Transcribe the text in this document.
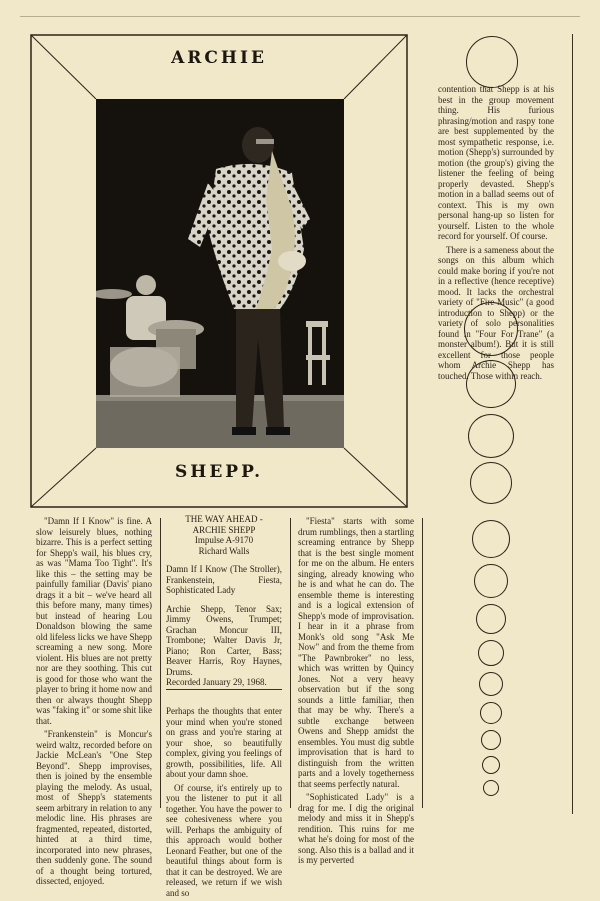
ARCHIE
SHEPP.

contention that Shepp is at his best in the group movement thing. His furious phrasing/motion and raspy tone are best supplemented by the most sympathetic response, i.e. motion (Shepp's) surrounded by motion (the group's) giving the listener the feeling of being properly devasted. Shepp's motion in a ballad seems out of context. This is my own personal hang-up so listen for yourself. Listen to the whole record for yourself. Of course.

There is a sameness about the songs on this album which could make boring if you're not in a reflective (hence receptive) mood. It lacks the orchestral variety of "Fire Music" (a good introduction to Shepp) or the variety of solo personalities found in "Four For Trane" (a monster album!). But it is still excellent for those people whom Archie Shepp has touched. Those within reach.

"Damn If I Know" is fine. A slow leisurely blues, nothing bizarre. This is a perfect setting for Shepp's wail, his blues cry, as was "Mama Too Tight". It's like this – the setting may be painfully familiar (Davis' piano drags it a bit – we've heard all this before many, many times) but instead of hearing Lou Donaldson blowing the same old lifeless licks we have Shepp screaming a new song. More violent. His blues are not pretty nor are they soothing. This cut is good for those who want the player to bring it home now and then or always thought Shepp was "faking it" or some shit like that.

"Frankenstein" is Moncur's weird waltz, recorded before on Jackie McLean's "One Step Beyond". Shepp improvises, then is joined by the ensemble playing the melody. As usual, most of Shepp's statements seem arbitrary in relation to any melodic line. His phrases are fragmented, repeated, distorted, hinted at a third time, incorporated into new phrases, then suddenly gone. The sound of a thought being tortured, dissected, enjoyed.

THE WAY AHEAD -
ARCHIE SHEPP
Impulse A-9170
Richard Walls
Damn If I Know (The Stroller), Frankenstein, Fiesta, Sophisticated Lady
Archie Shepp, Tenor Sax; Jimmy Owens, Trumpet; Grachan Moncur III, Trombone; Walter Davis Jr, Piano; Ron Carter, Bass; Beaver Harris, Roy Haynes, Drums.
Recorded January 29, 1968.

Perhaps the thoughts that enter your mind when you're stoned on grass and you're staring at your shoe, so beautifully complex, giving you feelings of growth, possibilities, life. All about your damn shoe.

Of course, it's entirely up to you the listener to put it all together. You have the power to see cohesiveness where you will. Perhaps the ambiguity of this approach would bother Leonard Feather, but one of the beautiful things about form is that it can be destroyed. We are released, we return if we wish and so

"Fiesta" starts with some drum rumblings, then a startling screaming entrance by Shepp that is the best single moment for me on the album. He enters singing, already knowing who he is and what he can do. The ensemble theme is interesting and is a logical extension of Shepp's mode of improvisation. I hear in it a phrase from Monk's old song "Ask Me Now" and from the theme from "The Pawnbroker" no less, which was written by Quincy Jones. Not a very heavy observation but if the song sounds a little familiar, then that may be why. There's a subtle exchange between Owens and Shepp amidst the ensembles. You must dig subtle improvisation that is hard to distinguish from the written parts and a lovely togetherness that seems perfectly natural.

"Sophisticated Lady" is a drag for me. I dig the original melody and miss it in Shepp's rendition. This ruins for me what he's doing for most of the song. Also this is a ballad and it is my perverted
